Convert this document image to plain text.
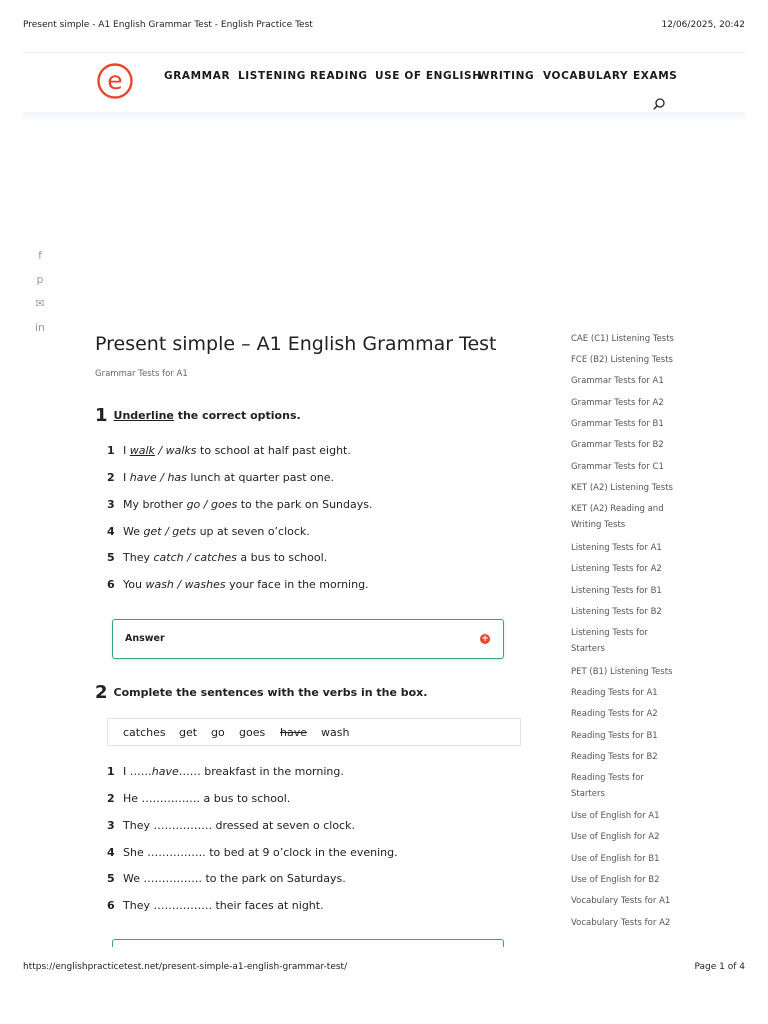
Present simple - A1 English Grammar Test - English Practice Test	12/06/2025, 20:42
e	GRAMMAR LISTENING READING USE OF ENGLISH
WRITING VOCABULARY EXAMS
f
p
✉
in
Present simple – A1 English Grammar Test
Grammar Tests for A1
1 Underline the correct options.
1 I walk / walks to school at half past eight.
2 I have / has lunch at quarter past one.
3 My brother go / goes to the park on Sundays.
4 We get / gets up at seven o’clock.
5 They catch / catches a bus to school.
6 You wash / washes your face in the morning.
Answer	+
2 Complete the sentences with the verbs in the box.
catches get go goes have wash
1 I ……have…… breakfast in the morning.
2 He ……………. a bus to school.
3 They ……………. dressed at seven o clock.
4 She ……………. to bed at 9 o’clock in the evening.
5 We ……………. to the park on Saturdays.
6 They ……………. their faces at night.
CAE (C1) Listening Tests
FCE (B2) Listening Tests
Grammar Tests for A1
Grammar Tests for A2
Grammar Tests for B1
Grammar Tests for B2
Grammar Tests for C1
KET (A2) Listening Tests
KET (A2) Reading and Writing Tests
Listening Tests for A1
Listening Tests for A2
Listening Tests for B1
Listening Tests for B2
Listening Tests for Starters
PET (B1) Listening Tests
Reading Tests for A1
Reading Tests for A2
Reading Tests for B1
Reading Tests for B2
Reading Tests for Starters
Use of English for A1
Use of English for A2
Use of English for B1
Use of English for B2
Vocabulary Tests for A1
Vocabulary Tests for A2
https://englishpracticetest.net/present-simple-a1-english-grammar-test/	Page 1 of 4
